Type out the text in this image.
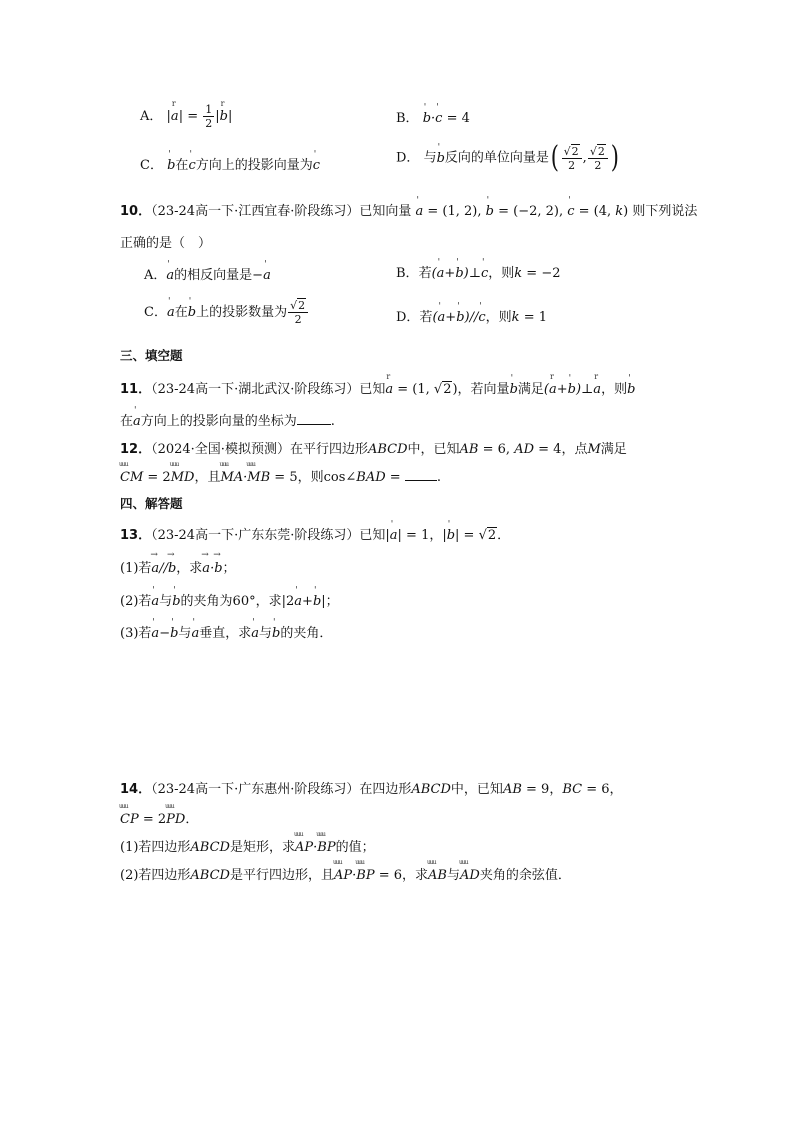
A． |r $a| = \frac{1}{2} |r$ b|	B． ' b·' c = 4
C． ' b在' c方向上的投影向量为' c	D． 与' b反向的单位向量是( $\frac{√2}{2}$ , $\frac{√2}{2}$ )
10．（23-24高一下·江西宜春·阶段练习）已知向量 ' a = (1, 2), ' b = (−2, 2), ' c = (4, k) 则下列说法
正确的是（　）
A．' a的相反向量是−' a	B．若(' a+' b)⊥' c，则k = −2
C．' a在' b上的投影数量为 $\frac{√2}{2}$	D．若(' a+' b)//' c，则k = 1
三、填空题
11．（23-24高一下·湖北武汉·阶段练习）已知r a = (1, √2)，若向量' b满足(r a+' b)⊥r a，则' b
在' a方向上的投影向量的坐标为	.
12．（2024·全国·模拟预测）在平行四边形ABCD中，已知AB = 6, AD = 4，点M满足
uuu CM = 2uuu MD，且uuu MA·uuu MB = 5，则cos∠BAD = .
四、解答题
13．（23-24高一下·广东东莞·阶段练习）已知|' a| = 1，|' b| = √2．
(1)若→ a//→ b，求→ a·→ b；
(2)若' a与' b的夹角为60°，求|2' a+' b|；
(3)若' a−' b与' a垂直，求' a与' b的夹角．
14．（23-24高一下·广东惠州·阶段练习）在四边形ABCD中，已知AB = 9，BC = 6，
uuu CP = 2uuu PD．
(1)若四边形ABCD是矩形，求uuu AP·uuu BP的值；
(2)若四边形ABCD是平行四边形，且uuu AP·uuu BP = 6，求uuu AB与uuu AD夹角的余弦值．
